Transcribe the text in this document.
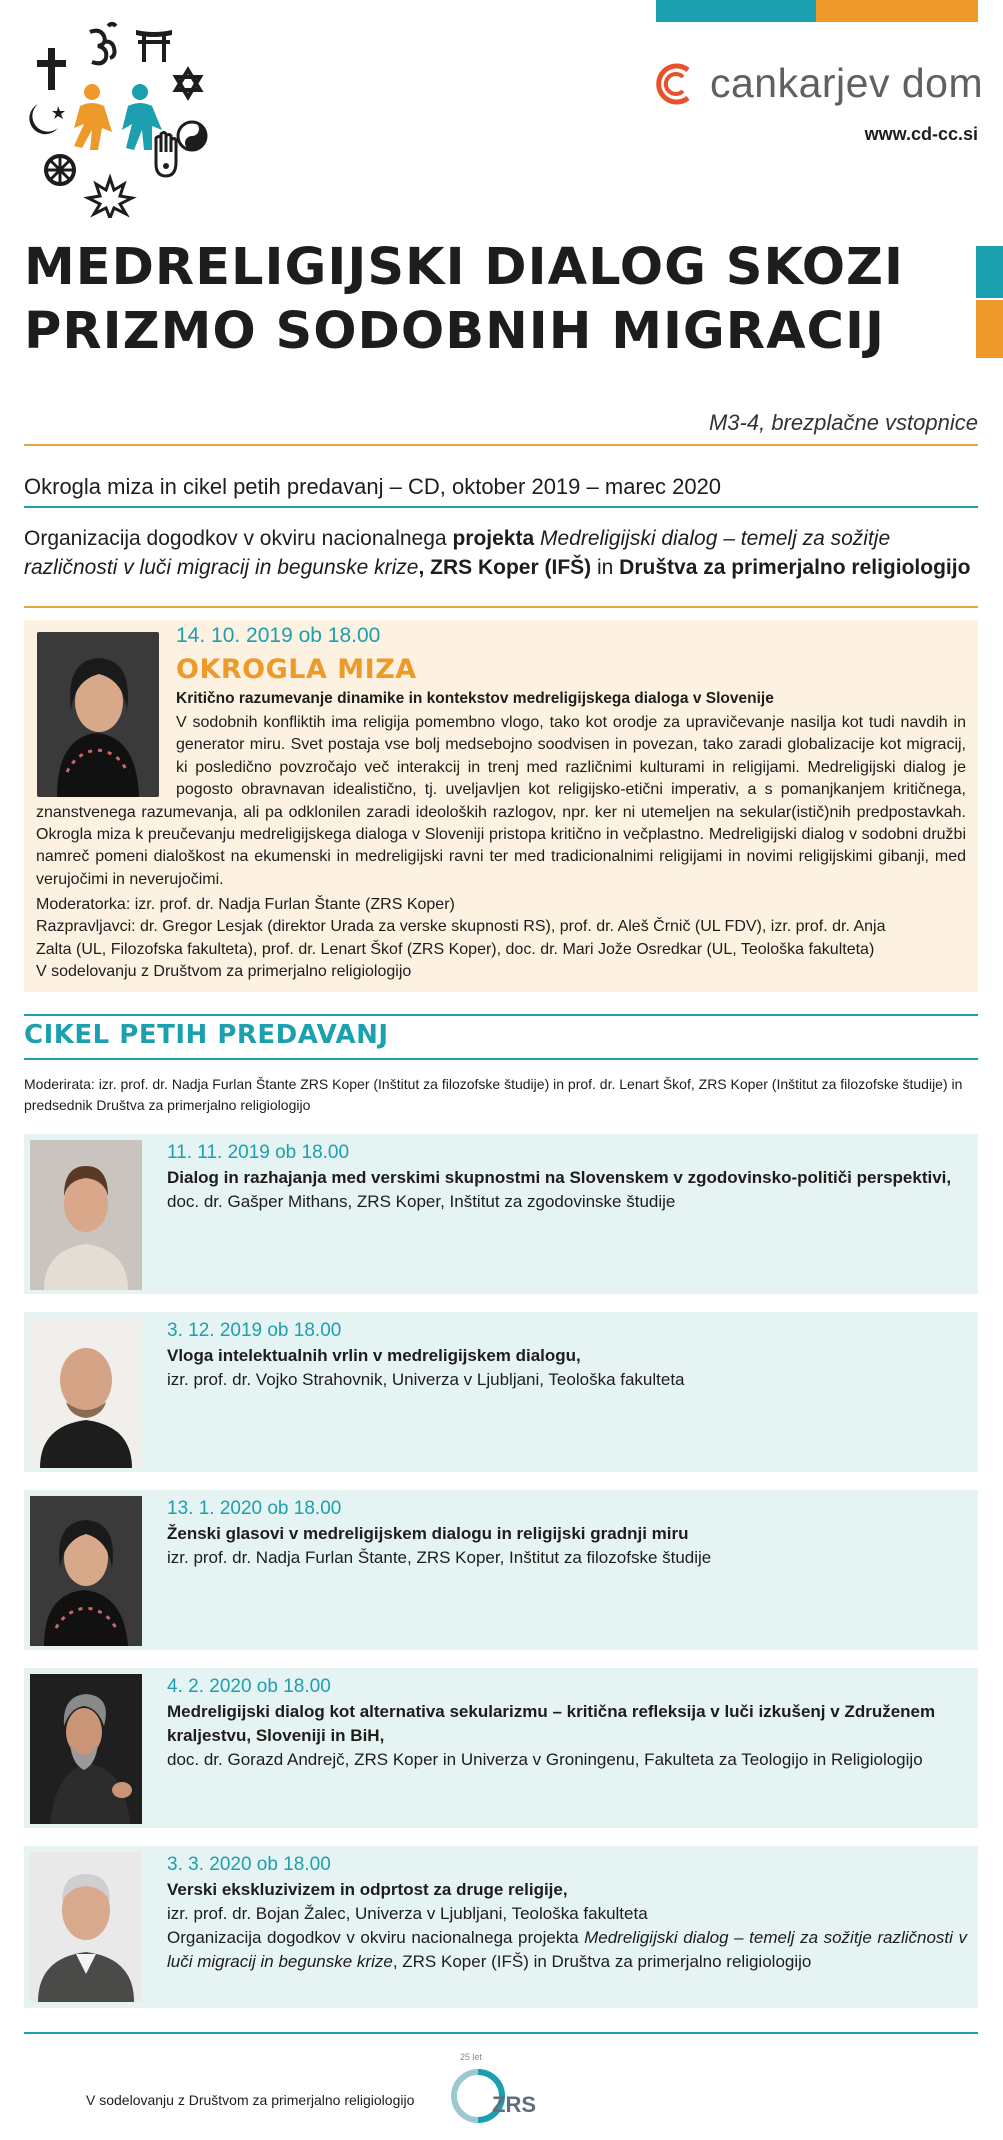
cankarjev dom
www.cd-cc.si
MEDRELIGIJSKI DIALOG SKOZI
PRIZMO SODOBNIH MIGRACIJ
M3-4, brezplačne vstopnice
Okrogla miza in cikel petih predavanj – CD, oktober 2019 – marec 2020

Organizacija dogodkov v okviru nacionalnega projekta Medreligijski dialog – temelj za sožitje različnosti v luči migracij in begunske krize, ZRS Koper (IFŠ) in Društva za primerjalno religiologijo

14. 10. 2019 ob 18.00
OKROGLA MIZA
Kritično razumevanje dinamike in kontekstov medreligijskega dialoga v Slovenije
V sodobnih konfliktih ima religija pomembno vlogo, tako kot orodje za upravičevanje nasilja kot tudi navdih in generator miru. Svet postaja vse bolj medsebojno soodvisen in povezan, tako zaradi globalizacije kot migracij, ki posledično povzročajo več interakcij in trenj med različnimi kulturami in religijami. Medreligijski dialog je pogosto obravnavan idealistično, tj. uveljavljen kot religijsko-etični imperativ, a s pomanjkanjem kritičnega, znanstvenega razumevanja, ali pa odklonilen zaradi ideoloških razlogov, npr. ker ni utemeljen na sekular(istič)nih predpostavkah. Okrogla miza k preučevanju medreligijskega dialoga v Sloveniji pristopa kritično in večplastno. Medreligijski dialog v sodobni družbi namreč pomeni dialoškost na ekumenski in medreligijski ravni ter med tradicionalnimi religijami in novimi religijskimi gibanji, med verujočimi in neverujočimi.
Moderatorka: izr. prof. dr. Nadja Furlan Štante (ZRS Koper)
Razpravljavci: dr. Gregor Lesjak (direktor Urada za verske skupnosti RS), prof. dr. Aleš Črnič (UL FDV), izr. prof. dr. Anja
Zalta (UL, Filozofska fakulteta), prof. dr. Lenart Škof (ZRS Koper), doc. dr. Mari Jože Osredkar (UL, Teološka fakulteta)
V sodelovanju z Društvom za primerjalno religiologijo
CIKEL PETIH PREDAVANJ

Moderirata: izr. prof. dr. Nadja Furlan Štante ZRS Koper (Inštitut za filozofske študije) in prof. dr. Lenart Škof, ZRS Koper (Inštitut za filozofske študije) in predsednik Društva za primerjalno religiologijo

11. 11. 2019 ob 18.00
Dialog in razhajanja med verskimi skupnostmi na Slovenskem v zgodovinsko-političi perspektivi,
doc. dr. Gašper Mithans, ZRS Koper, Inštitut za zgodovinske študije
3. 12. 2019 ob 18.00
Vloga intelektualnih vrlin v medreligijskem dialogu,
izr. prof. dr. Vojko Strahovnik, Univerza v Ljubljani, Teološka fakulteta
13. 1. 2020 ob 18.00
Ženski glasovi v medreligijskem dialogu in religijski gradnji miru
izr. prof. dr. Nadja Furlan Štante, ZRS Koper, Inštitut za filozofske študije
4. 2. 2020 ob 18.00
Medreligijski dialog kot alternativa sekularizmu – kritična refleksija v luči izkušenj v Združenem kraljestvu, Sloveniji in BiH,
doc. dr. Gorazd Andrejč, ZRS Koper in Univerza v Groningenu, Fakulteta za Teologijo in Religiologijo
3. 3. 2020 ob 18.00
Verski ekskluzivizem in odprtost za druge religije,
izr. prof. dr. Bojan Žalec, Univerza v Ljubljani, Teološka fakulteta
Organizacija dogodkov v okviru nacionalnega projekta Medreligijski dialog – temelj za sožitje različnosti v luči migracij in begunske krize, ZRS Koper (IFŠ) in Društva za primerjalno religiologijo
V sodelovanju z Društvom za primerjalno religiologijo
25 let
ZRS
